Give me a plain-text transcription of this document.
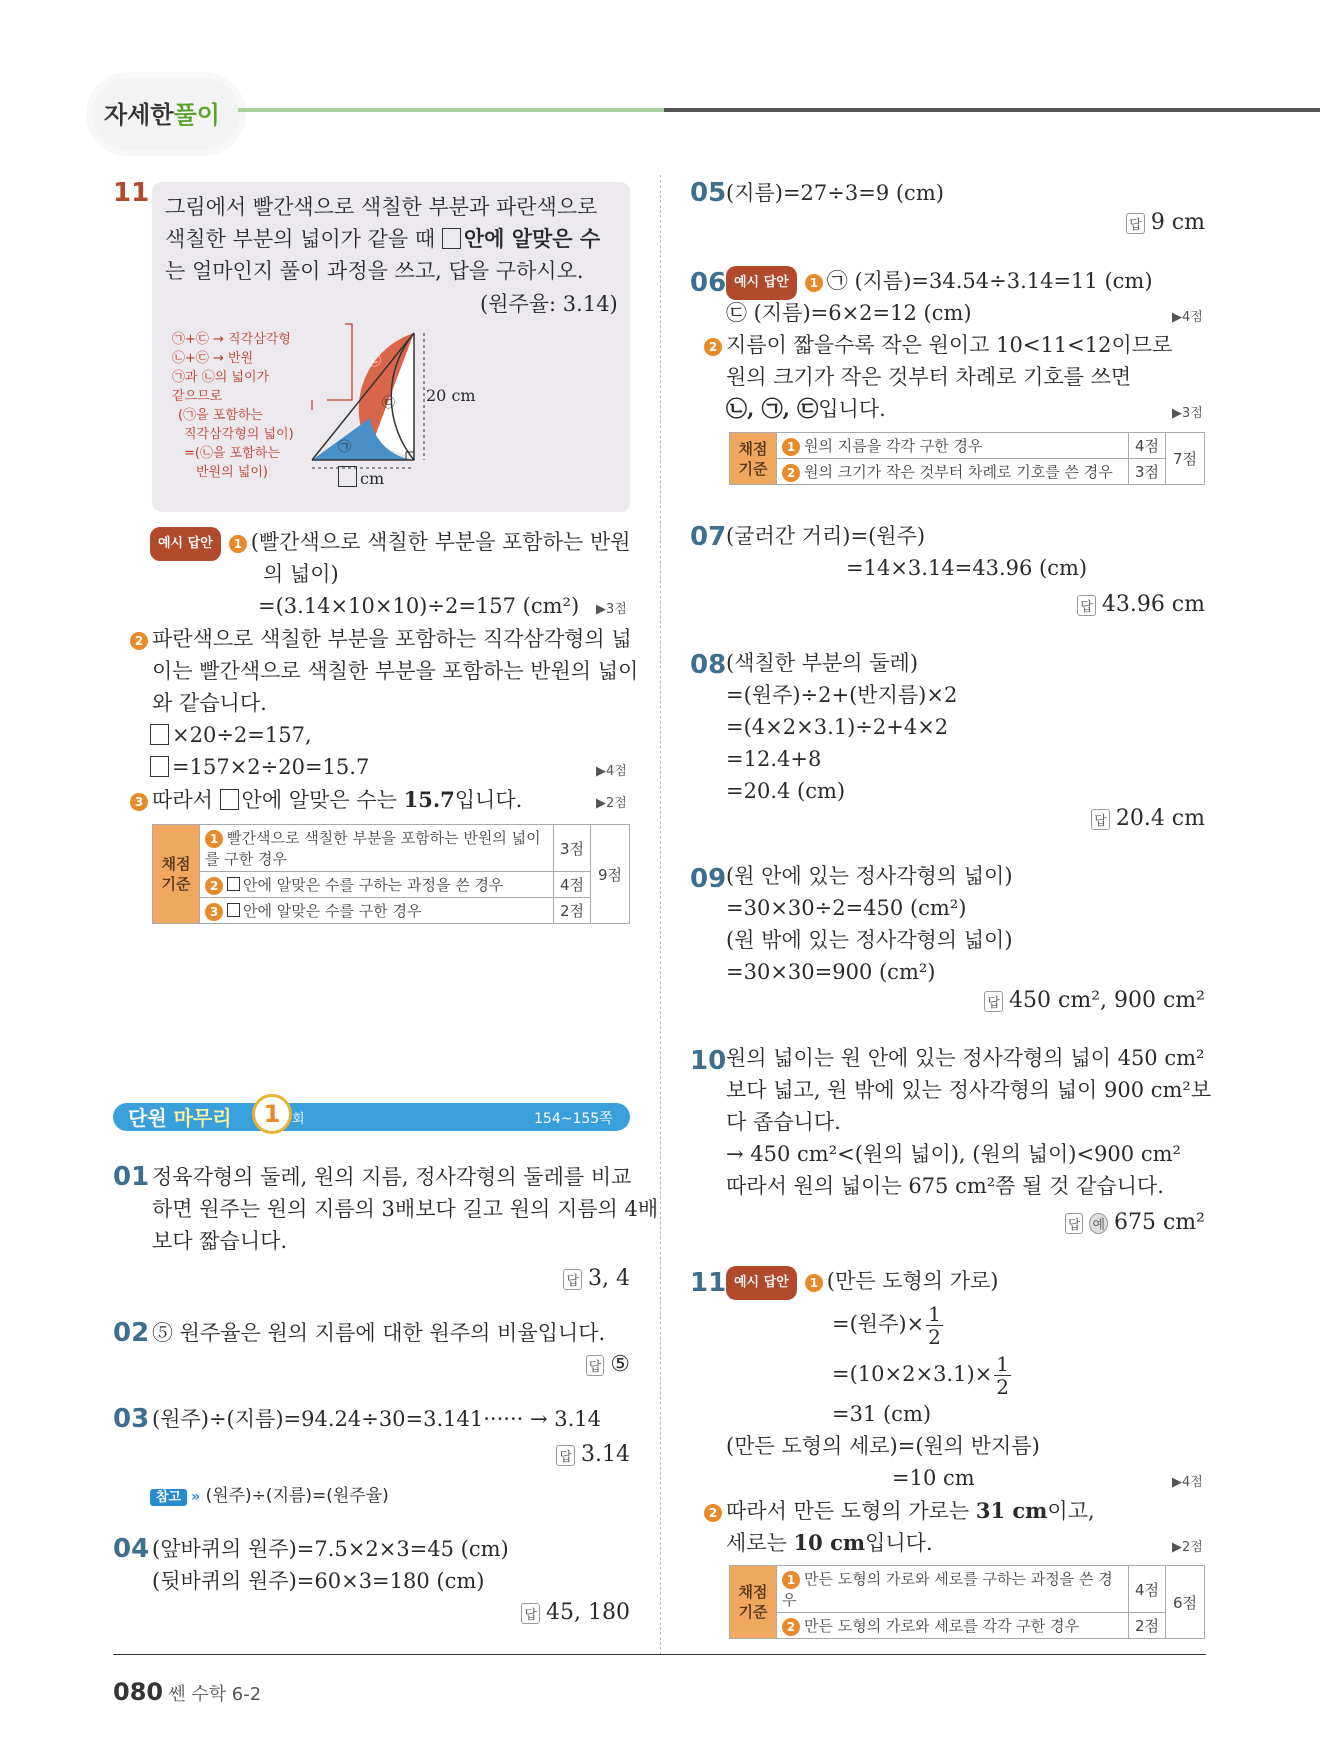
자세한풀이
11 그림에서 빨간색으로 색칠한 부분과 파란색으로
색칠한 부분의 넓이가 같을 때 안에 알맞은 수
는 얼마인지 풀이 과정을 쓰고, 답을 구하시오.
(원주율: 3.14)
㉠+㉢ → 직각삼각형
㉡+㉢ → 반원
㉠과 ㉡의 넓이가
같으므로
(㉠을 포함하는
직각삼각형의 넓이)
=(㉡을 포함하는
반원의 넓이)
20 cm
cm
㉠
㉡
㉢
예시 답안 1 (빨간색으로 색칠한 부분을 포함하는 반원
의 넓이)
=(3.14×10×10)÷2=157 (cm²) ▶3점
2 파란색으로 색칠한 부분을 포함하는 직각삼각형의 넓
이는 빨간색으로 색칠한 부분을 포함하는 반원의 넓이
와 같습니다.
×20÷2=157,
=157×2÷20=15.7	▶4점
3 따라서 안에 알맞은 수는 15.7입니다.	▶2점
채점 기준	1 빨간색으로 색칠한 부분을 포함하는 반원의 넓이를 구한 경우	3점	9점
	2 안에 알맞은 수를 구하는 과정을 쓴 경우	4점	
	3 안에 알맞은 수를 구한 경우	2점	
단원 마무리	1 회	154~155쪽
01 정육각형의 둘레, 원의 지름, 정사각형의 둘레를 비교
하면 원주는 원의 지름의 3배보다 길고 원의 지름의 4배
보다 짧습니다.
답 3, 4
02 ⑤ 원주율은 원의 지름에 대한 원주의 비율입니다.
답 ⑤
03 (원주)÷(지름)=94.24÷30=3.141······ → 3.14
답 3.14
참고 » (원주)÷(지름)=(원주율)
04 (앞바퀴의 원주)=7.5×2×3=45 (cm)
(뒷바퀴의 원주)=60×3=180 (cm)
답 45, 180
05 (지름)=27÷3=9 (cm)
답 9 cm
06 예시 답안 1 ㉠ (지름)=34.54÷3.14=11 (cm)
㉢ (지름)=6×2=12 (cm)	▶4점
2 지름이 짧을수록 작은 원이고 10<11<12이므로
원의 크기가 작은 것부터 차례로 기호를 쓰면
㉡, ㉠, ㉢입니다.	▶3점
채점 기준	1 원의 지름을 각각 구한 경우	4점	7점
	2 원의 크기가 작은 것부터 차례로 기호를 쓴 경우	3점	
07 (굴러간 거리)=(원주)
=14×3.14=43.96 (cm)
답 43.96 cm
08 (색칠한 부분의 둘레)
=(원주)÷2+(반지름)×2
=(4×2×3.1)÷2+4×2
=12.4+8
=20.4 (cm)
답 20.4 cm
09 (원 안에 있는 정사각형의 넓이)
=30×30÷2=450 (cm²)
(원 밖에 있는 정사각형의 넓이)
=30×30=900 (cm²)
답 450 cm², 900 cm²
10 원의 넓이는 원 안에 있는 정사각형의 넓이 450 cm²
보다 넓고, 원 밖에 있는 정사각형의 넓이 900 cm²보
다 좁습니다.
→ 450 cm²<(원의 넓이), (원의 넓이)<900 cm²
따라서 원의 넓이는 675 cm²쯤 될 것 같습니다.
답 예 675 cm²
11 예시 답안 1 (만든 도형의 가로)
=(원주)× $\frac{1}{2}$
$=(10\times 2\times 3.1)\times \frac{1}{2}$
=31 (cm)
(만든 도형의 세로)=(원의 반지름)
=10 cm	▶4점
2 따라서 만든 도형의 가로는 31 cm이고,
세로는 10 cm입니다.	▶2점
채점 기준	1 만든 도형의 가로와 세로를 구하는 과정을 쓴 경우	4점	6점
	2 만든 도형의 가로와 세로를 각각 구한 경우	2점	
080 쎈 수학 6-2
